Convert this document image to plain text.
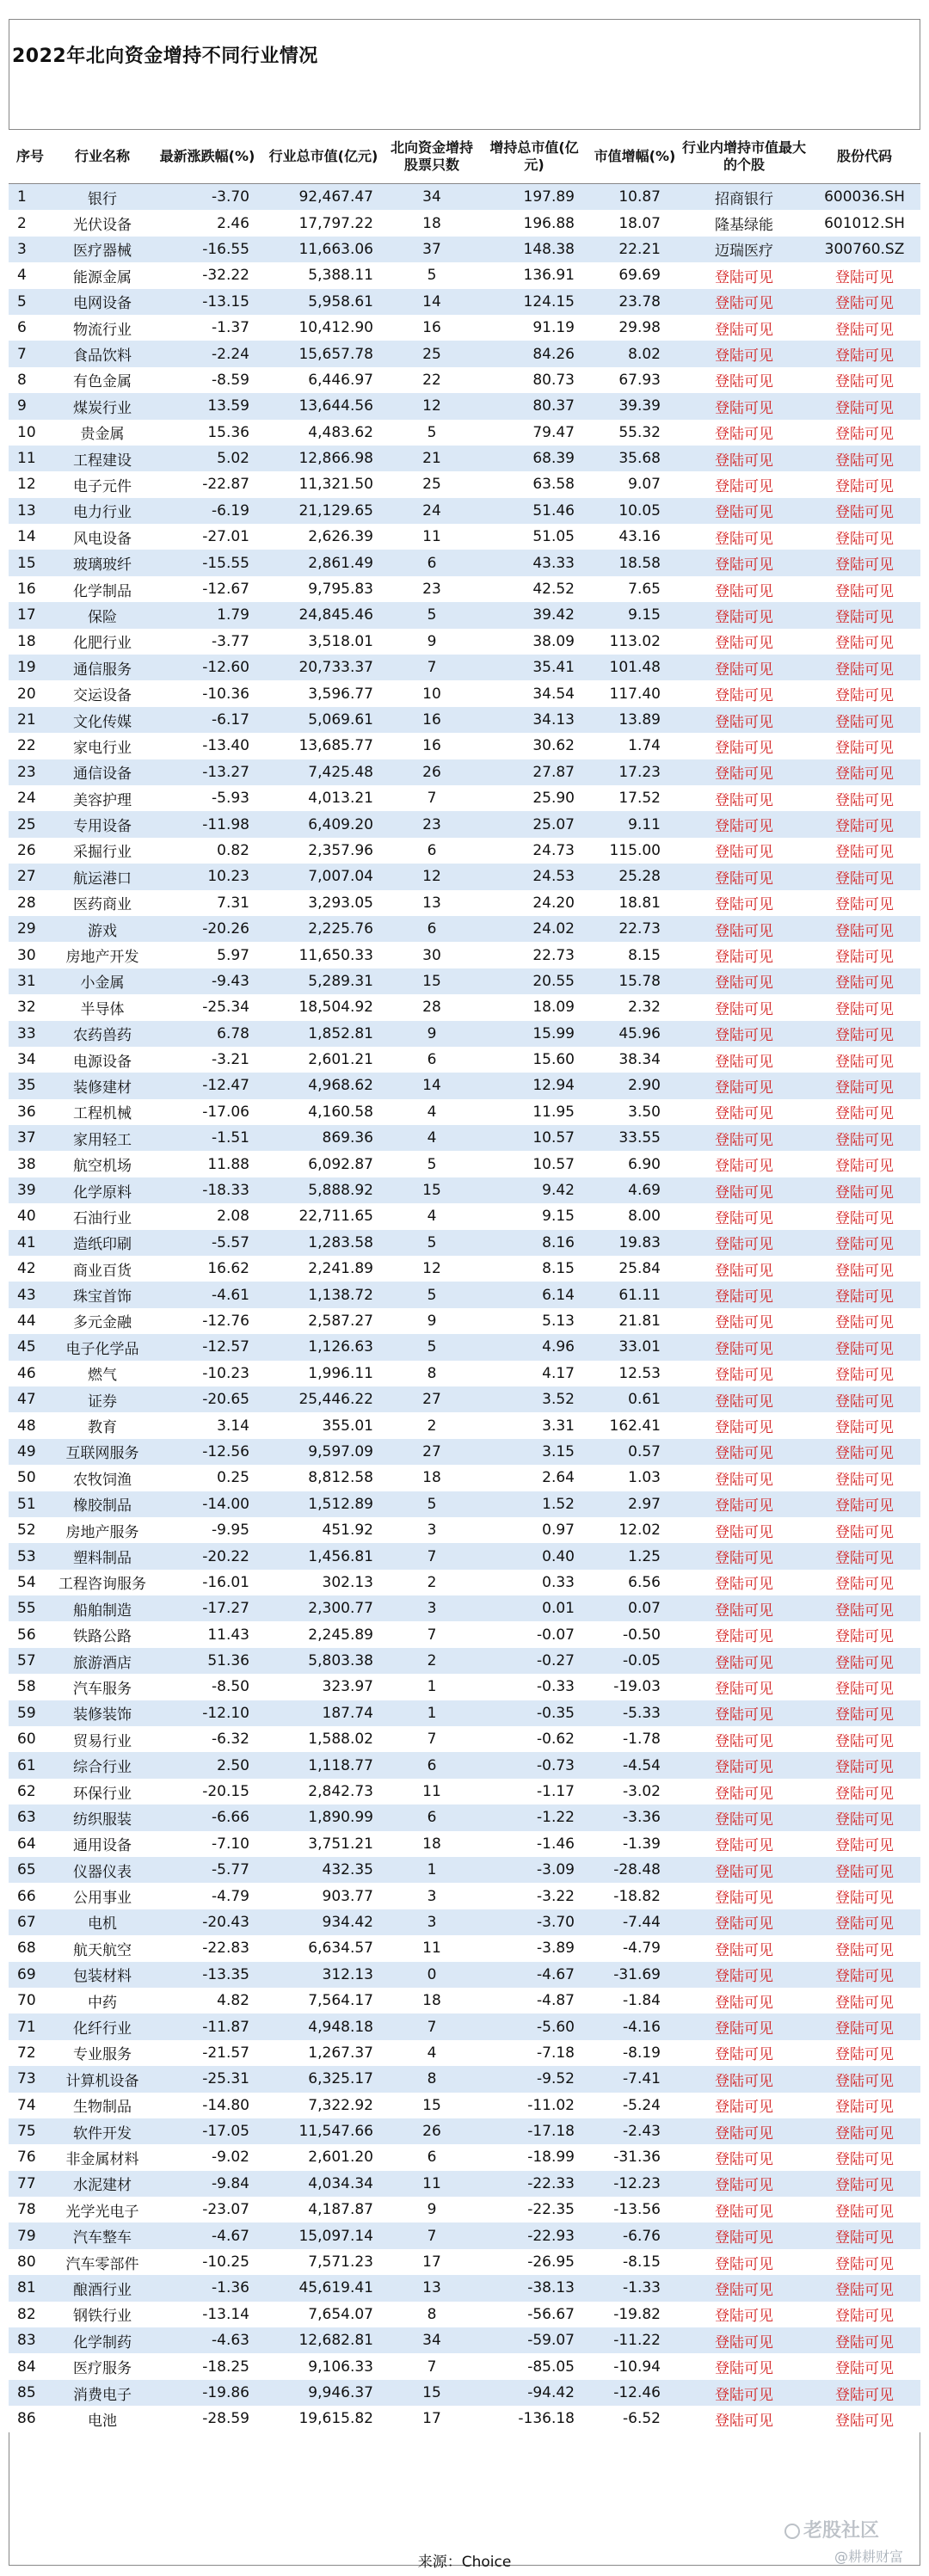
2022年北向资金增持不同行业情况
序号	行业名称	最新涨跌幅(%)	行业总市值(亿元)	北向资金增持股票只数	增持总市值(亿元)	市值增幅(%)	行业内增持市值最大的个股	股份代码
1	银行	-3.70	92,467.47	34	197.89	10.87	招商银行	600036.SH
2	光伏设备	2.46	17,797.22	18	196.88	18.07	隆基绿能	601012.SH
3	医疗器械	-16.55	11,663.06	37	148.38	22.21	迈瑞医疗	300760.SZ
4	能源金属	-32.22	5,388.11	5	136.91	69.69	登陆可见	登陆可见
5	电网设备	-13.15	5,958.61	14	124.15	23.78	登陆可见	登陆可见
6	物流行业	-1.37	10,412.90	16	91.19	29.98	登陆可见	登陆可见
7	食品饮料	-2.24	15,657.78	25	84.26	8.02	登陆可见	登陆可见
8	有色金属	-8.59	6,446.97	22	80.73	67.93	登陆可见	登陆可见
9	煤炭行业	13.59	13,644.56	12	80.37	39.39	登陆可见	登陆可见
10	贵金属	15.36	4,483.62	5	79.47	55.32	登陆可见	登陆可见
11	工程建设	5.02	12,866.98	21	68.39	35.68	登陆可见	登陆可见
12	电子元件	-22.87	11,321.50	25	63.58	9.07	登陆可见	登陆可见
13	电力行业	-6.19	21,129.65	24	51.46	10.05	登陆可见	登陆可见
14	风电设备	-27.01	2,626.39	11	51.05	43.16	登陆可见	登陆可见
15	玻璃玻纤	-15.55	2,861.49	6	43.33	18.58	登陆可见	登陆可见
16	化学制品	-12.67	9,795.83	23	42.52	7.65	登陆可见	登陆可见
17	保险	1.79	24,845.46	5	39.42	9.15	登陆可见	登陆可见
18	化肥行业	-3.77	3,518.01	9	38.09	113.02	登陆可见	登陆可见
19	通信服务	-12.60	20,733.37	7	35.41	101.48	登陆可见	登陆可见
20	交运设备	-10.36	3,596.77	10	34.54	117.40	登陆可见	登陆可见
21	文化传媒	-6.17	5,069.61	16	34.13	13.89	登陆可见	登陆可见
22	家电行业	-13.40	13,685.77	16	30.62	1.74	登陆可见	登陆可见
23	通信设备	-13.27	7,425.48	26	27.87	17.23	登陆可见	登陆可见
24	美容护理	-5.93	4,013.21	7	25.90	17.52	登陆可见	登陆可见
25	专用设备	-11.98	6,409.20	23	25.07	9.11	登陆可见	登陆可见
26	采掘行业	0.82	2,357.96	6	24.73	115.00	登陆可见	登陆可见
27	航运港口	10.23	7,007.04	12	24.53	25.28	登陆可见	登陆可见
28	医药商业	7.31	3,293.05	13	24.20	18.81	登陆可见	登陆可见
29	游戏	-20.26	2,225.76	6	24.02	22.73	登陆可见	登陆可见
30	房地产开发	5.97	11,650.33	30	22.73	8.15	登陆可见	登陆可见
31	小金属	-9.43	5,289.31	15	20.55	15.78	登陆可见	登陆可见
32	半导体	-25.34	18,504.92	28	18.09	2.32	登陆可见	登陆可见
33	农药兽药	6.78	1,852.81	9	15.99	45.96	登陆可见	登陆可见
34	电源设备	-3.21	2,601.21	6	15.60	38.34	登陆可见	登陆可见
35	装修建材	-12.47	4,968.62	14	12.94	2.90	登陆可见	登陆可见
36	工程机械	-17.06	4,160.58	4	11.95	3.50	登陆可见	登陆可见
37	家用轻工	-1.51	869.36	4	10.57	33.55	登陆可见	登陆可见
38	航空机场	11.88	6,092.87	5	10.57	6.90	登陆可见	登陆可见
39	化学原料	-18.33	5,888.92	15	9.42	4.69	登陆可见	登陆可见
40	石油行业	2.08	22,711.65	4	9.15	8.00	登陆可见	登陆可见
41	造纸印刷	-5.57	1,283.58	5	8.16	19.83	登陆可见	登陆可见
42	商业百货	16.62	2,241.89	12	8.15	25.84	登陆可见	登陆可见
43	珠宝首饰	-4.61	1,138.72	5	6.14	61.11	登陆可见	登陆可见
44	多元金融	-12.76	2,587.27	9	5.13	21.81	登陆可见	登陆可见
45	电子化学品	-12.57	1,126.63	5	4.96	33.01	登陆可见	登陆可见
46	燃气	-10.23	1,996.11	8	4.17	12.53	登陆可见	登陆可见
47	证券	-20.65	25,446.22	27	3.52	0.61	登陆可见	登陆可见
48	教育	3.14	355.01	2	3.31	162.41	登陆可见	登陆可见
49	互联网服务	-12.56	9,597.09	27	3.15	0.57	登陆可见	登陆可见
50	农牧饲渔	0.25	8,812.58	18	2.64	1.03	登陆可见	登陆可见
51	橡胶制品	-14.00	1,512.89	5	1.52	2.97	登陆可见	登陆可见
52	房地产服务	-9.95	451.92	3	0.97	12.02	登陆可见	登陆可见
53	塑料制品	-20.22	1,456.81	7	0.40	1.25	登陆可见	登陆可见
54	工程咨询服务	-16.01	302.13	2	0.33	6.56	登陆可见	登陆可见
55	船舶制造	-17.27	2,300.77	3	0.01	0.07	登陆可见	登陆可见
56	铁路公路	11.43	2,245.89	7	-0.07	-0.50	登陆可见	登陆可见
57	旅游酒店	51.36	5,803.38	2	-0.27	-0.05	登陆可见	登陆可见
58	汽车服务	-8.50	323.97	1	-0.33	-19.03	登陆可见	登陆可见
59	装修装饰	-12.10	187.74	1	-0.35	-5.33	登陆可见	登陆可见
60	贸易行业	-6.32	1,588.02	7	-0.62	-1.78	登陆可见	登陆可见
61	综合行业	2.50	1,118.77	6	-0.73	-4.54	登陆可见	登陆可见
62	环保行业	-20.15	2,842.73	11	-1.17	-3.02	登陆可见	登陆可见
63	纺织服装	-6.66	1,890.99	6	-1.22	-3.36	登陆可见	登陆可见
64	通用设备	-7.10	3,751.21	18	-1.46	-1.39	登陆可见	登陆可见
65	仪器仪表	-5.77	432.35	1	-3.09	-28.48	登陆可见	登陆可见
66	公用事业	-4.79	903.77	3	-3.22	-18.82	登陆可见	登陆可见
67	电机	-20.43	934.42	3	-3.70	-7.44	登陆可见	登陆可见
68	航天航空	-22.83	6,634.57	11	-3.89	-4.79	登陆可见	登陆可见
69	包装材料	-13.35	312.13	0	-4.67	-31.69	登陆可见	登陆可见
70	中药	4.82	7,564.17	18	-4.87	-1.84	登陆可见	登陆可见
71	化纤行业	-11.87	4,948.18	7	-5.60	-4.16	登陆可见	登陆可见
72	专业服务	-21.57	1,267.37	4	-7.18	-8.19	登陆可见	登陆可见
73	计算机设备	-25.31	6,325.17	8	-9.52	-7.41	登陆可见	登陆可见
74	生物制品	-14.80	7,322.92	15	-11.02	-5.24	登陆可见	登陆可见
75	软件开发	-17.05	11,547.66	26	-17.18	-2.43	登陆可见	登陆可见
76	非金属材料	-9.02	2,601.20	6	-18.99	-31.36	登陆可见	登陆可见
77	水泥建材	-9.84	4,034.34	11	-22.33	-12.23	登陆可见	登陆可见
78	光学光电子	-23.07	4,187.87	9	-22.35	-13.56	登陆可见	登陆可见
79	汽车整车	-4.67	15,097.14	7	-22.93	-6.76	登陆可见	登陆可见
80	汽车零部件	-10.25	7,571.23	17	-26.95	-8.15	登陆可见	登陆可见
81	酿酒行业	-1.36	45,619.41	13	-38.13	-1.33	登陆可见	登陆可见
82	钢铁行业	-13.14	7,654.07	8	-56.67	-19.82	登陆可见	登陆可见
83	化学制药	-4.63	12,682.81	34	-59.07	-11.22	登陆可见	登陆可见
84	医疗服务	-18.25	9,106.33	7	-85.05	-10.94	登陆可见	登陆可见
85	消费电子	-19.86	9,946.37	15	-94.42	-12.46	登陆可见	登陆可见
86	电池	-28.59	19,615.82	17	-136.18	-6.52	登陆可见	登陆可见
老股社区
来源：Choice	@耕耕财富
